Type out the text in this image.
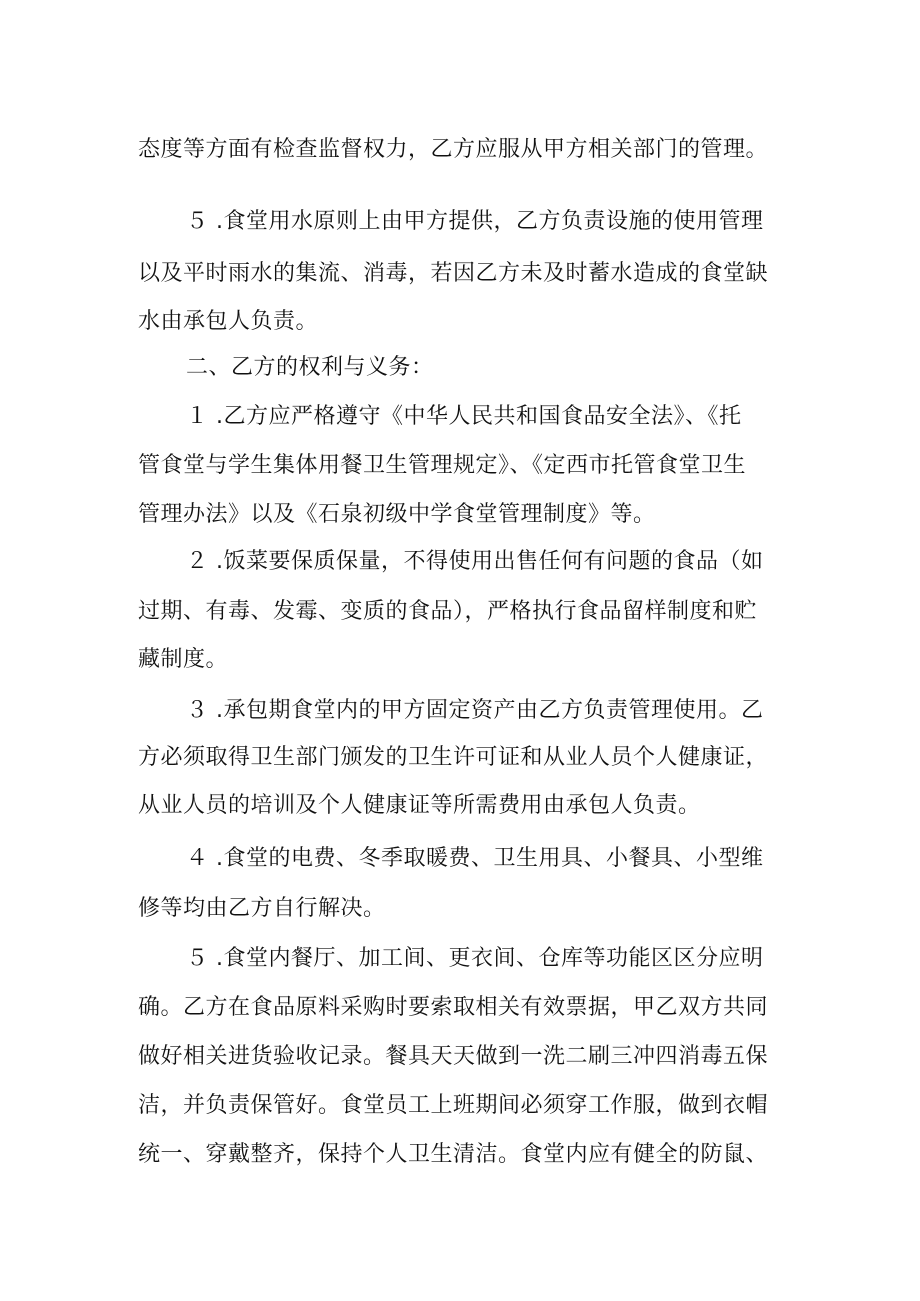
态度等方面有检查监督权力，乙方应服从甲方相关部门的管理。
５ .食堂用水原则上由甲方提供，乙方负责设施的使用管理
以及平时雨水的集流、消毒，若因乙方未及时蓄水造成的食堂缺
水由承包人负责。
二、乙方的权利与义务：
１ .乙方应严格遵守《中华人民共和国食品安全法》、《托
管食堂与学生集体用餐卫生管理规定》、《定西市托管食堂卫生
管理办法》以及《石泉初级中学食堂管理制度》等。
２ .饭菜要保质保量，不得使用出售任何有问题的食品（如
过期、有毒、发霉、变质的食品），严格执行食品留样制度和贮
藏制度。
３ .承包期食堂内的甲方固定资产由乙方负责管理使用。乙
方必须取得卫生部门颁发的卫生许可证和从业人员个人健康证，
从业人员的培训及个人健康证等所需费用由承包人负责。
４ .食堂的电费、冬季取暖费、卫生用具、小餐具、小型维
修等均由乙方自行解决。
５ .食堂内餐厅、加工间、更衣间、仓库等功能区区分应明
确。乙方在食品原料采购时要索取相关有效票据，甲乙双方共同
做好相关进货验收记录。餐具天天做到一洗二刷三冲四消毒五保
洁，并负责保管好。食堂员工上班期间必须穿工作服，做到衣帽
统一、穿戴整齐，保持个人卫生清洁。食堂内应有健全的防鼠、
